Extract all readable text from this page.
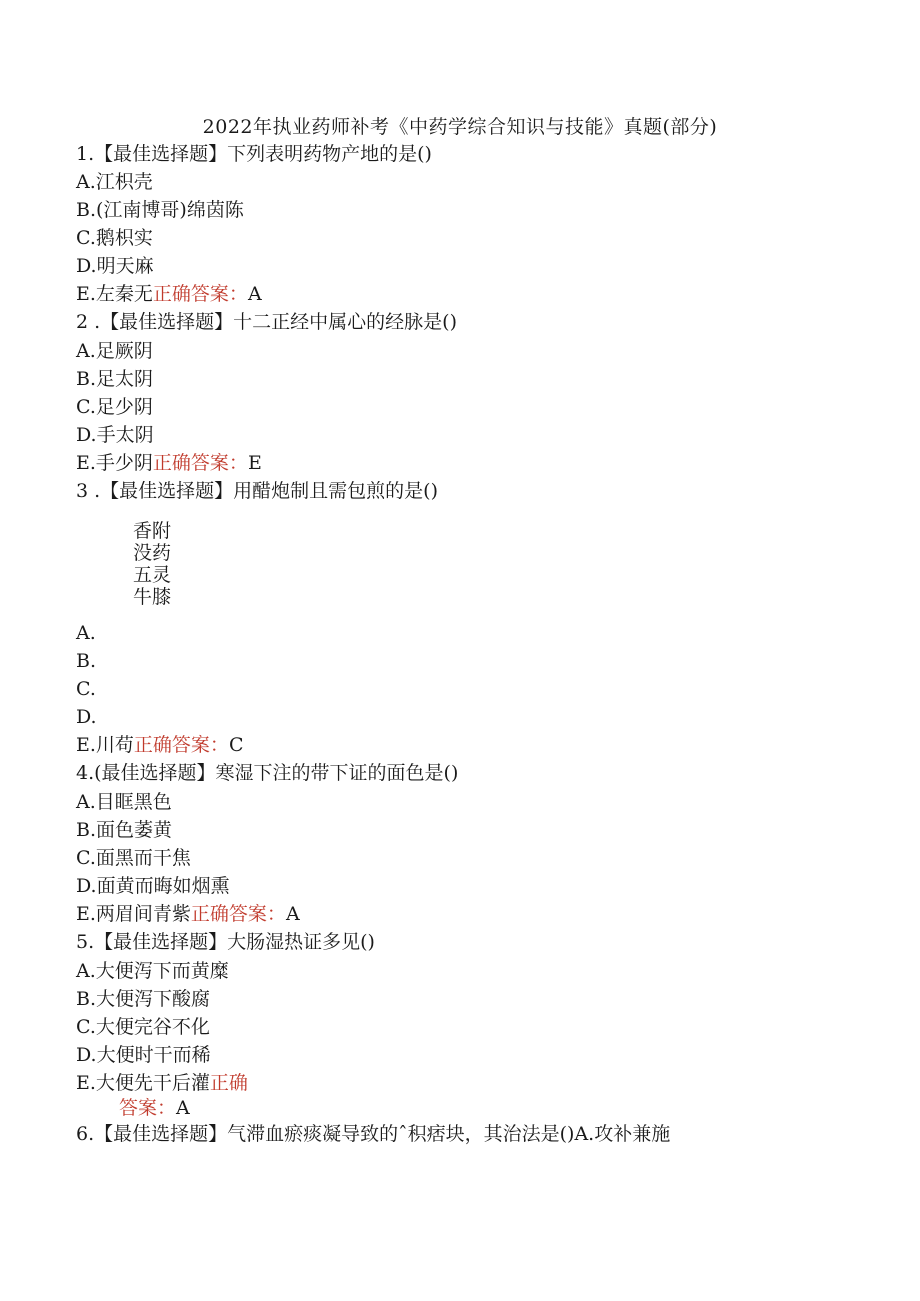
2022年执业药师补考《中药学综合知识与技能》真题(部分)
1.【最佳选择题】下列表明药物产地的是()
A.江枳壳
B.(江南博哥)绵茵陈
C.鹅枳实
D.明天麻
E.左秦无正确答案：A
2 .【最佳选择题】十二正经中属心的经脉是()
A.足厥阴
B.足太阴
C.足少阴
D.手太阴
E.手少阴正确答案：E
3 .【最佳选择题】用醋炮制且需包煎的是()
香附
没药
五灵
牛膝
A.
B.
C.
D.
E.川苟正确答案：C
4.(最佳选择题】寒湿下注的带下证的面色是()
A.目眶黑色
B.面色萎黄
C.面黑而干焦
D.面黄而晦如烟熏
E.两眉间青紫正确答案：A
5.【最佳选择题】大肠湿热证多见()
A.大便泻下而黄糜
B.大便泻下酸腐
C.大便完谷不化
D.大便时干而稀
E.大便先干后灌正确
答案：A
6.【最佳选择题】气滞血瘀痰凝导致的ˆ积痞块，其治法是()A.攻补兼施
